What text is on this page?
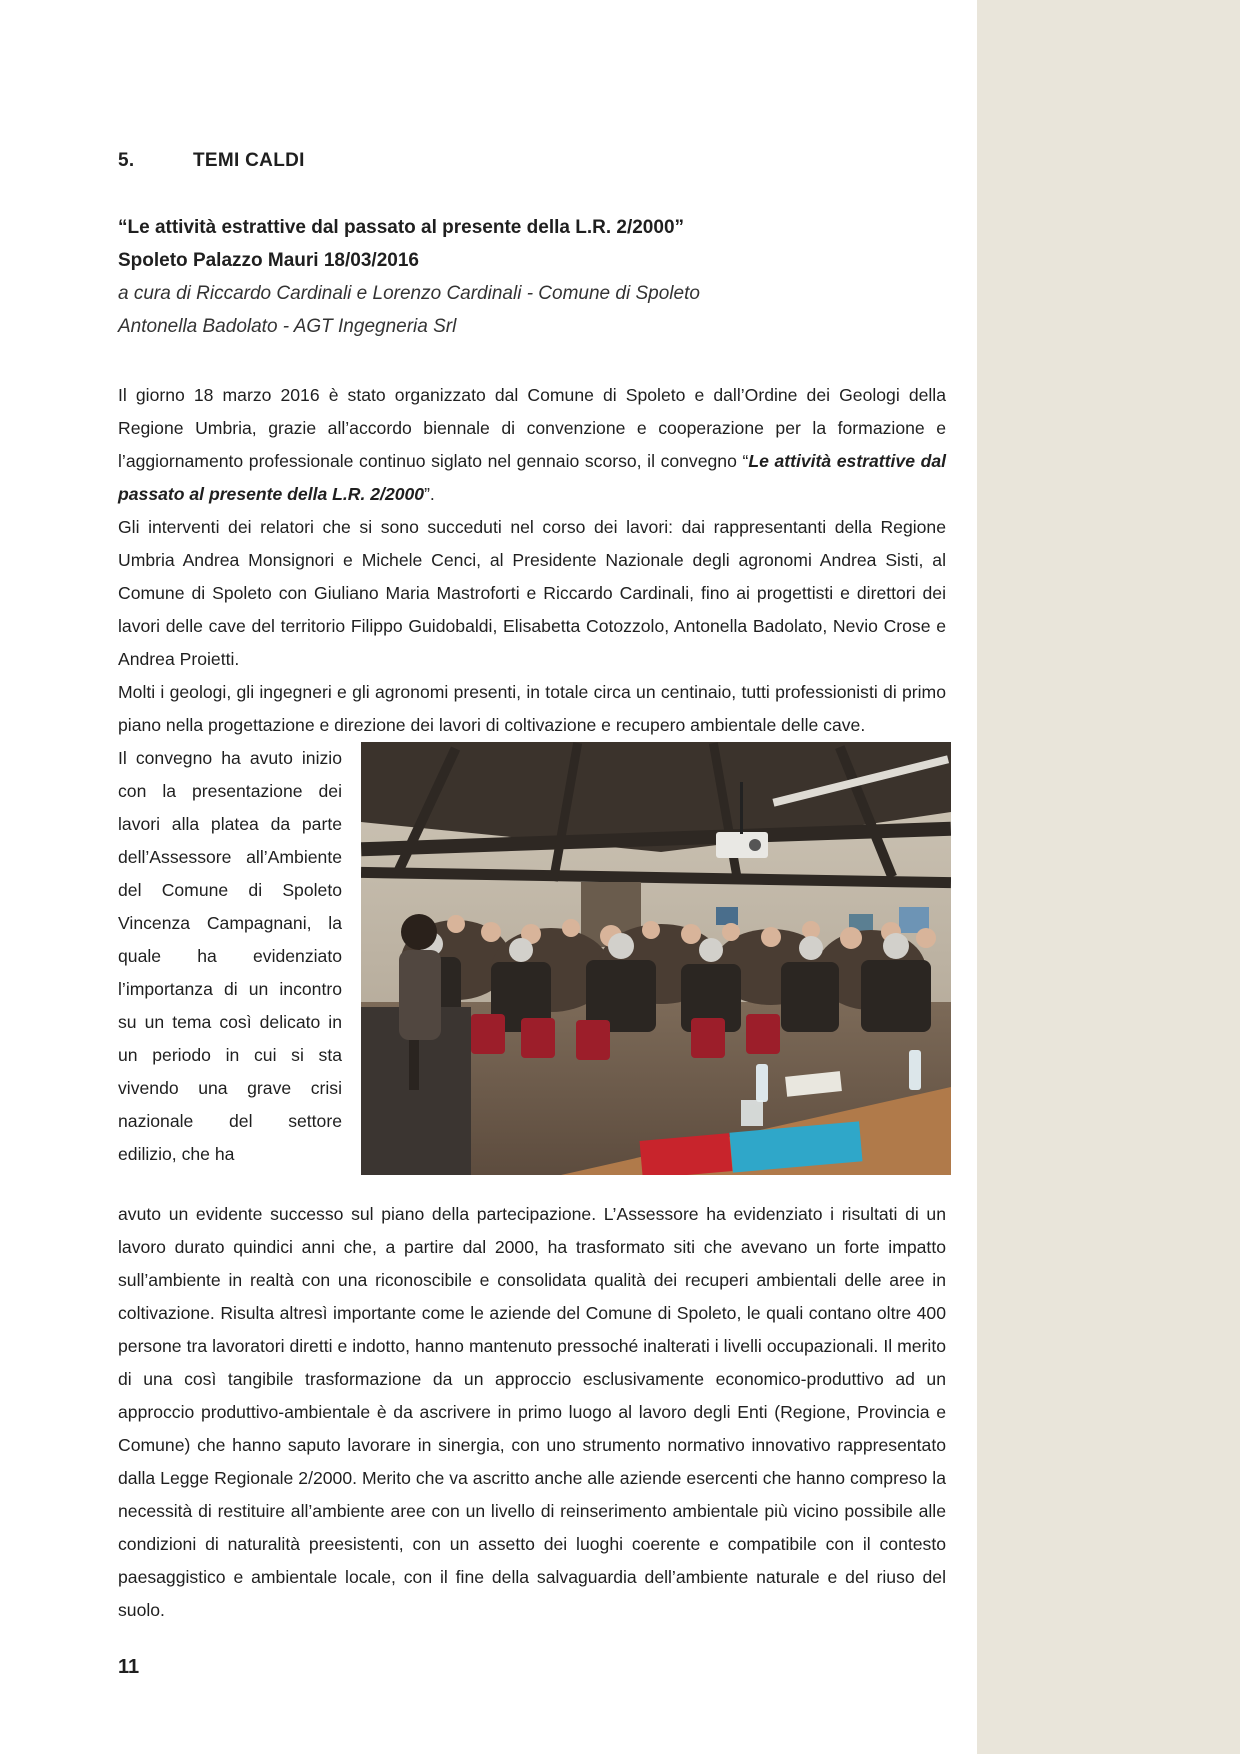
5.	TEMI CALDI
“Le attività estrattive dal passato al presente della L.R. 2/2000”
Spoleto Palazzo Mauri 18/03/2016
a cura di Riccardo Cardinali e Lorenzo Cardinali - Comune di Spoleto
Antonella Badolato - AGT Ingegneria Srl
Il giorno 18 marzo 2016 è stato organizzato dal Comune di Spoleto e dall’Ordine dei Geologi della Regione Umbria, grazie all’accordo biennale di convenzione e cooperazione per la formazione e l’aggiornamento professionale continuo siglato nel gennaio scorso, il convegno “Le attività estrattive dal passato al presente della L.R. 2/2000”.
Gli interventi dei relatori che si sono succeduti nel corso dei lavori: dai rappresentanti della Regione Umbria Andrea Monsignori e Michele Cenci, al Presidente Nazionale degli agronomi Andrea Sisti, al Comune di Spoleto con Giuliano Maria Mastroforti e Riccardo Cardinali, fino ai progettisti e direttori dei lavori delle cave del territorio Filippo Guidobaldi, Elisabetta Cotozzolo, Antonella Badolato, Nevio Crose e Andrea Proietti.
Molti i geologi, gli ingegneri e gli agronomi presenti, in totale circa un centinaio, tutti professionisti di primo piano nella progettazione e direzione dei lavori di coltivazione e recupero ambientale delle cave.
Il convegno ha avuto inizio con la presentazione dei lavori alla platea da parte dell’Assessore all’Ambiente del Comune di Spoleto Vincenza Campagnani, la quale ha evidenziato l’importanza di un incontro su un tema così delicato in un periodo in cui si sta vivendo una grave crisi nazionale del settore edilizio, che ha
avuto un evidente successo sul piano della partecipazione. L’Assessore ha evidenziato i risultati di un lavoro durato quindici anni che, a partire dal 2000, ha trasformato siti che avevano un forte impatto sull’ambiente in realtà con una riconoscibile e consolidata qualità dei recuperi ambientali delle aree in coltivazione. Risulta altresì importante come le aziende del Comune di Spoleto, le quali contano oltre 400 persone tra lavoratori diretti e indotto, hanno mantenuto pressoché inalterati i livelli occupazionali. Il merito di una così tangibile trasformazione da un approccio esclusivamente economico-produttivo ad un approccio produttivo-ambientale è da ascrivere in primo luogo al lavoro degli Enti (Regione, Provincia e Comune) che hanno saputo lavorare in sinergia, con uno strumento normativo innovativo rappresentato dalla Legge Regionale 2/2000. Merito che va ascritto anche alle aziende esercenti che hanno compreso la necessità di restituire all’ambiente aree con un livello di reinserimento ambientale più vicino possibile alle condizioni di naturalità preesistenti, con un assetto dei luoghi coerente e compatibile con il contesto paesaggistico e ambientale locale, con il fine della salvaguardia dell’ambiente naturale e del riuso del suolo.
11
